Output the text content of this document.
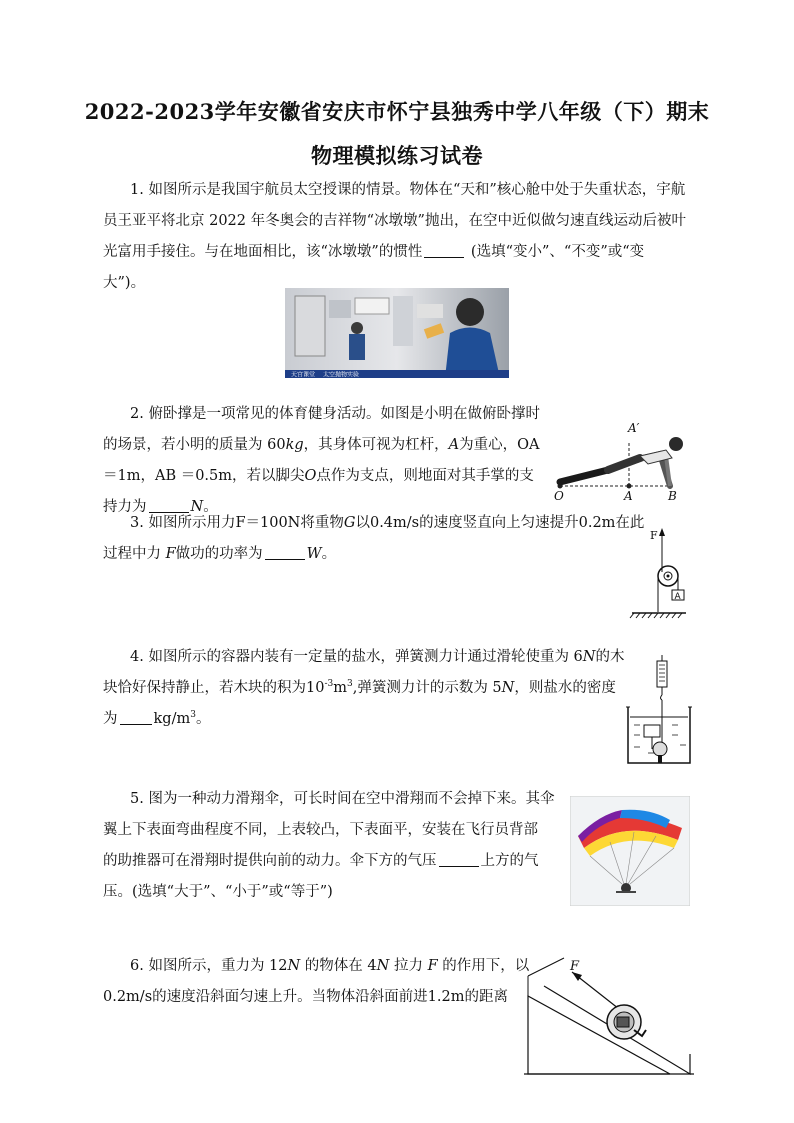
2022-2023学年安徽省安庆市怀宁县独秀中学八年级（下）期末
物理模拟练习试卷

1. 如图所示是我国宇航员太空授课的情景。物体在“天和”核心舱中处于失重状态，宇航

员王亚平将北京 2022 年冬奥会的吉祥物“冰墩墩”抛出，在空中近似做匀速直线运动后被叶

光富用手接住。与在地面相比，该“冰墩墩”的惯性	(选填“变小”、“不变”或“变

大”)。

天宫课堂 太空抛物实验

2. 俯卧撑是一项常见的体育健身活动。如图是小明在做俯卧撑时

的场景，若小明的质量为 60kg，其身体可视为杠杆，A为重心，OA

＝1m，AB ＝0.5m，若以脚尖O点作为支点，则地面对其手掌的支

持力为	N。

A′
O	A	B

3. 如图所示用力F＝100N将重物G以0.4m/s的速度竖直向上匀速提升0.2m在此

过程中力 F做功的功率为	W。

F
A

4. 如图所示的容器内装有一定量的盐水，弹簧测力计通过滑轮使重为 6N的木

块恰好保持静止，若木块的积为$10^{-3}m^3$,弹簧测力计的示数为 5N，则盐水的密度

为 $kg/m^3$。

5. 图为一种动力滑翔伞，可长时间在空中滑翔而不会掉下来。其伞

翼上下表面弯曲程度不同，上表较凸，下表面平，安装在飞行员背部

的助推器可在滑翔时提供向前的动力。伞下方的气压	上方的气

压。(选填“大于”、“小于”或“等于”)

6. 如图所示，重力为 12N 的物体在 4N 拉力 F 的作用下，以

0.2m/s的速度沿斜面匀速上升。当物体沿斜面前进1.2m的距离

F
